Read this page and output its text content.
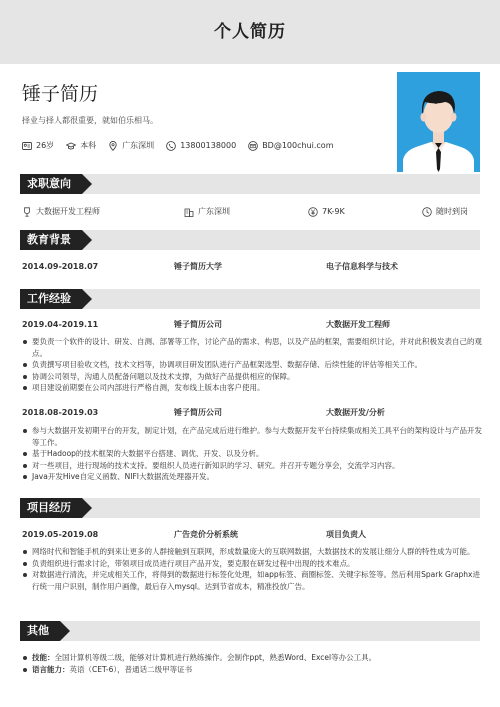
个人简历
锤子简历
择业与择人都很重要，就如伯乐相马。
26岁	本科	广东深圳	13800138000	BD@100chui.com
求职意向
大数据开发工程师	广东深圳	7K-9K	随时到岗
教育背景
2014.09-2018.07	锤子简历大学	电子信息科学与技术
工作经验
2019.04-2019.11	锤子简历公司	大数据开发工程师
要负责一个软件的设计、研发、自测、部署等工作，讨论产品的需求、构思，以及产品的框架，需要组织讨论，并对此积极发表自己的观点。
负责撰写项目验收文档，技术文档等，协调项目研发团队进行产品框架选型、数据存储、后续性能的评估等相关工作。
协调公司领导，沟通人员配备问题以及技术支撑，为做好产品提供相应的保障。
项目建设前期要在公司内部进行严格自测，发布线上版本由客户使用。
2018.08-2019.03	锤子简历公司	大数据开发/分析
参与大数据开发初期平台的开发，制定计划，在产品完成后进行维护。参与大数据开发平台持续集成相关工具平台的架构设计与产品开发等工作。
基于Hadoop的技术框架的大数据平台搭建、调优、开发、以及分析。
对一些项目，进行现场的技术支持。要组织人员进行新知识的学习、研究。并召开专题分享会，交流学习内容。
Java开发Hive自定义函数、NIFI大数据流处理器开发。
项目经历
2019.05-2019.08	广告竞价分析系统	项目负责人
网络时代和智能手机的到来让更多的人群接触到互联网，形成数量庞大的互联网数据，大数据技术的发展让细分人群的特性成为可能。
负责组织进行需求讨论，带领项目成员进行项目产品开发，要克服在研发过程中出现的技术难点。
对数据进行清洗，并完成相关工作，将得到的数据进行标签化处理，如app标签、商圈标签、关键字标签等。然后利用Spark Graphx进行统一用户识别，制作用户画像，最后存入mysql。达到节省成本，精准投放广告。
其他
技能：全国计算机等级二级，能够对计算机进行熟练操作。会制作ppt，熟悉Word、Excel等办公工具。
语言能力：英语（CET-6），普通话二级甲等证书
